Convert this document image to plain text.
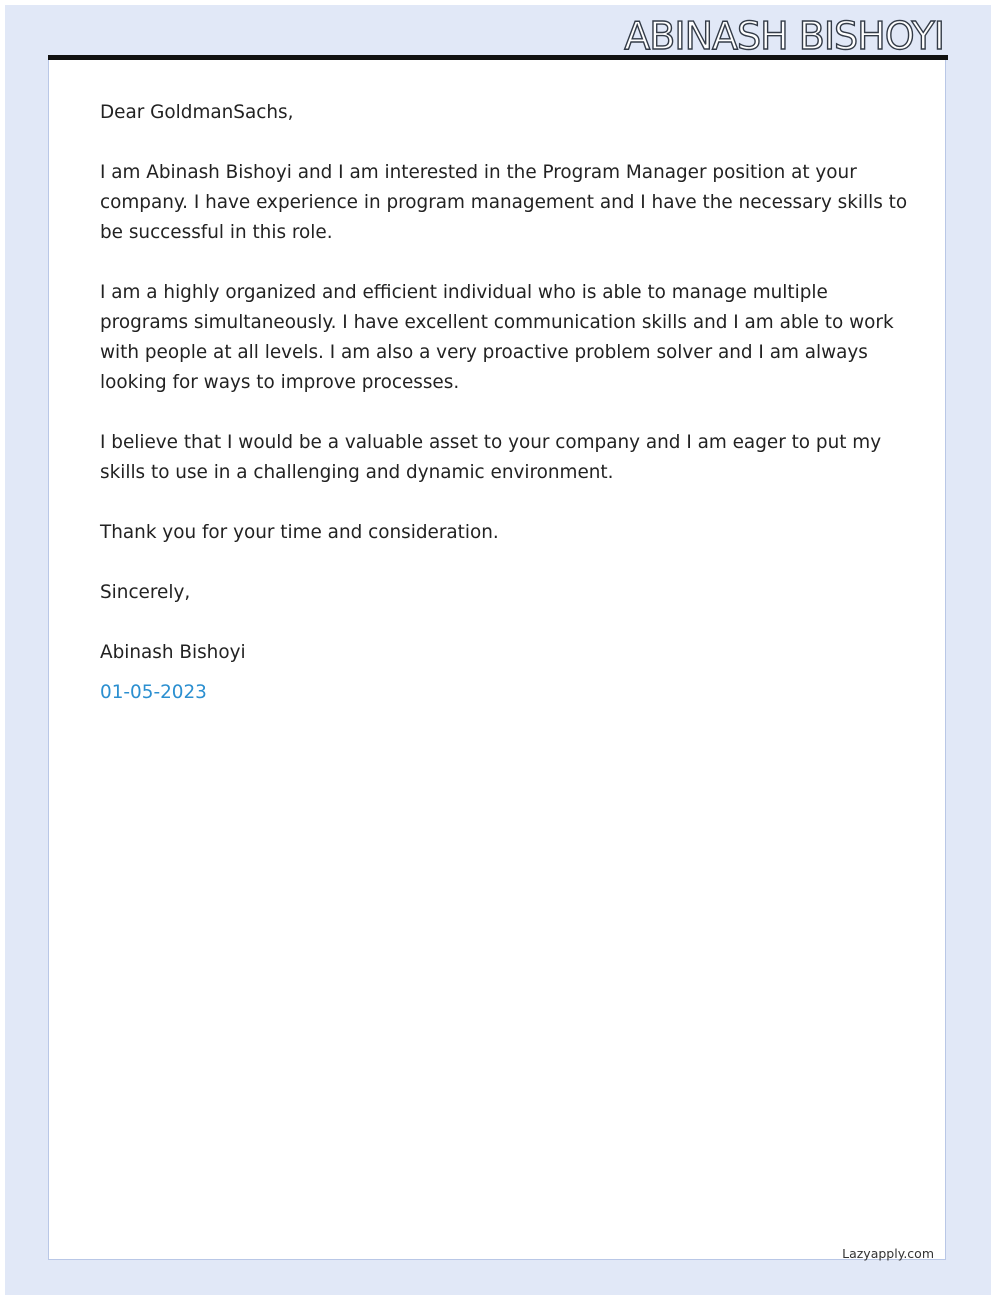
ABINASH BISHOYI

Dear GoldmanSachs,

I am Abinash Bishoyi and I am interested in the Program Manager position at your company. I have experience in program management and I have the necessary skills to be successful in this role.

I am a highly organized and efficient individual who is able to manage multiple programs simultaneously. I have excellent communication skills and I am able to work with people at all levels. I am also a very proactive problem solver and I am always looking for ways to improve processes.

I believe that I would be a valuable asset to your company and I am eager to put my skills to use in a challenging and dynamic environment.

Thank you for your time and consideration.

Sincerely,

Abinash Bishoyi

01-05-2023

Lazyapply.com
